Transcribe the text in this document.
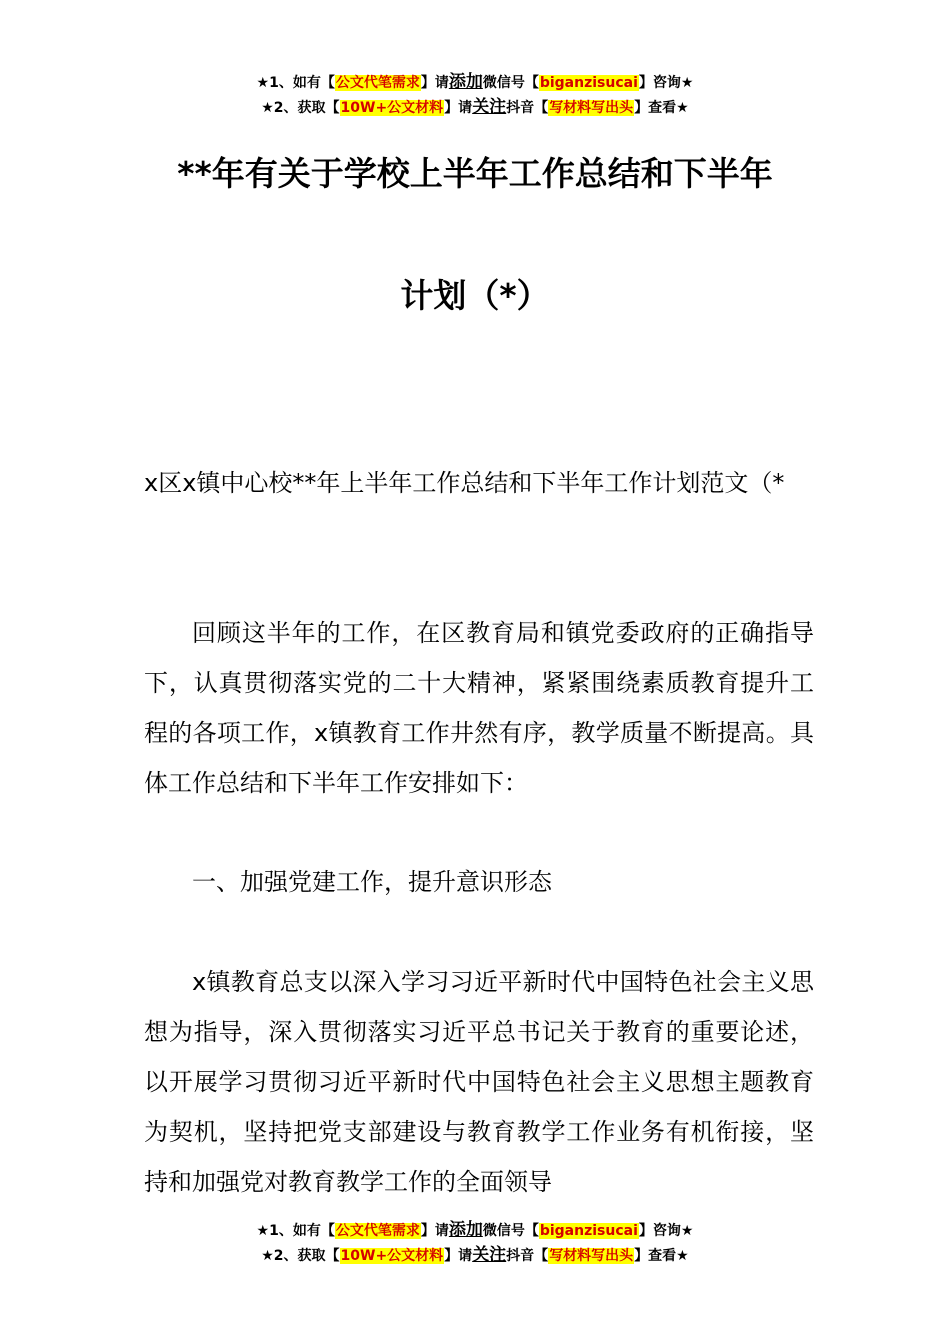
★1、如有【公文代笔需求】请添加微信号【biganzisucai】咨询★
★2、获取【10W+公文材料】请关注抖音【写材料写出头】查看★
**年有关于学校上半年工作总结和下半年
计划（*）
x区x镇中心校**年上半年工作总结和下半年工作计划范文（*
回顾这半年的工作，在区教育局和镇党委政府的正确指导下，认真贯彻落实党的二十大精神，紧紧围绕素质教育提升工程的各项工作，x镇教育工作井然有序，教学质量不断提高。具体工作总结和下半年工作安排如下：
一、加强党建工作，提升意识形态
x镇教育总支以深入学习习近平新时代中国特色社会主义思想为指导，深入贯彻落实习近平总书记关于教育的重要论述，以开展学习贯彻习近平新时代中国特色社会主义思想主题教育为契机，坚持把党支部建设与教育教学工作业务有机衔接，坚持和加强党对教育教学工作的全面领导
★1、如有【公文代笔需求】请添加微信号【biganzisucai】咨询★
★2、获取【10W+公文材料】请关注抖音【写材料写出头】查看★
